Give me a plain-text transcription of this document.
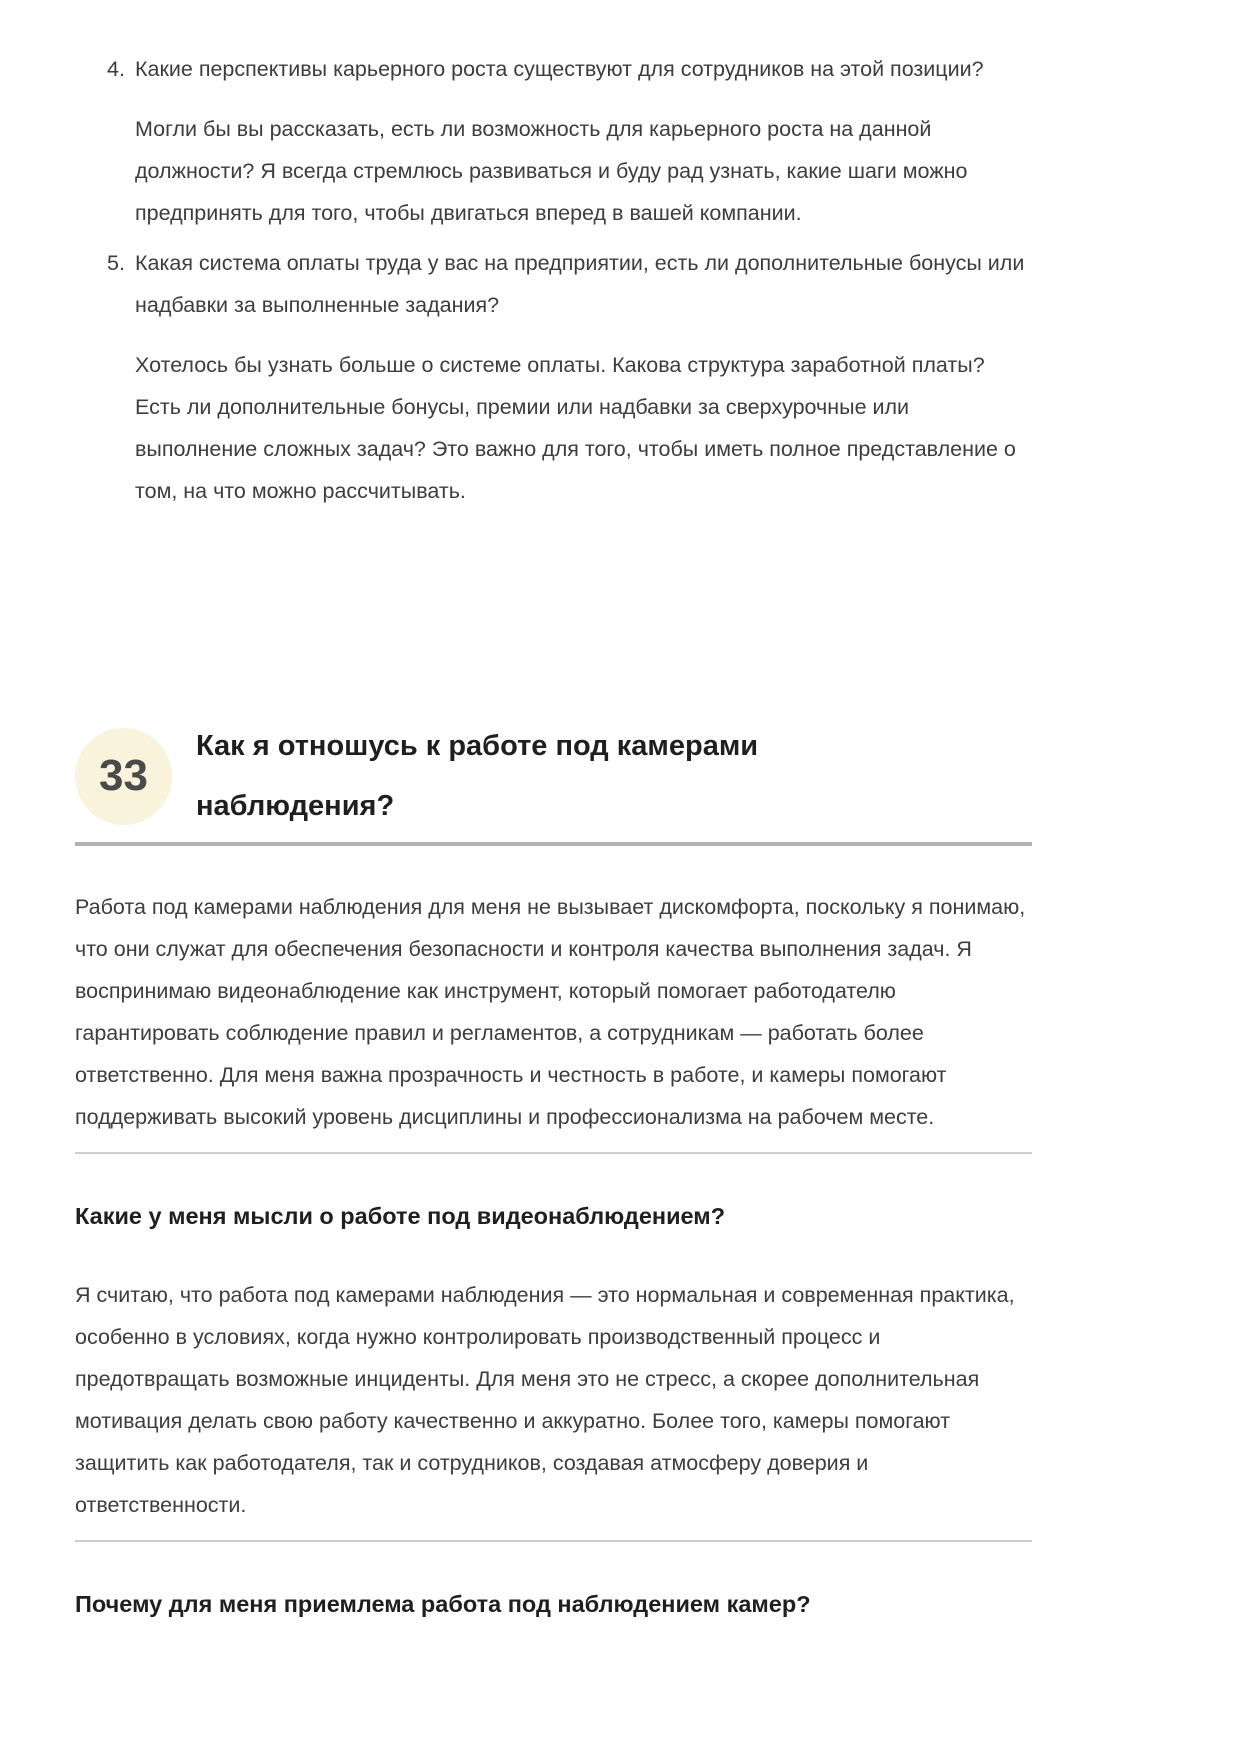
4. Какие перспективы карьерного роста существуют для сотрудников на этой позиции?

Могли бы вы рассказать, есть ли возможность для карьерного роста на данной должности? Я всегда стремлюсь развиваться и буду рад узнать, какие шаги можно предпринять для того, чтобы двигаться вперед в вашей компании.

5. Какая система оплаты труда у вас на предприятии, есть ли дополнительные бонусы или надбавки за выполненные задания?

Хотелось бы узнать больше о системе оплаты. Какова структура заработной платы? Есть ли дополнительные бонусы, премии или надбавки за сверхурочные или выполнение сложных задач? Это важно для того, чтобы иметь полное представление о том, на что можно рассчитывать.

33
Как я отношусь к работе под камерами наблюдения?

Работа под камерами наблюдения для меня не вызывает дискомфорта, поскольку я понимаю, что они служат для обеспечения безопасности и контроля качества выполнения задач. Я воспринимаю видеонаблюдение как инструмент, который помогает работодателю гарантировать соблюдение правил и регламентов, а сотрудникам — работать более ответственно. Для меня важна прозрачность и честность в работе, и камеры помогают поддерживать высокий уровень дисциплины и профессионализма на рабочем месте.

Какие у меня мысли о работе под видеонаблюдением?

Я считаю, что работа под камерами наблюдения — это нормальная и современная практика, особенно в условиях, когда нужно контролировать производственный процесс и предотвращать возможные инциденты. Для меня это не стресс, а скорее дополнительная мотивация делать свою работу качественно и аккуратно. Более того, камеры помогают защитить как работодателя, так и сотрудников, создавая атмосферу доверия и ответственности.

Почему для меня приемлема работа под наблюдением камер?
